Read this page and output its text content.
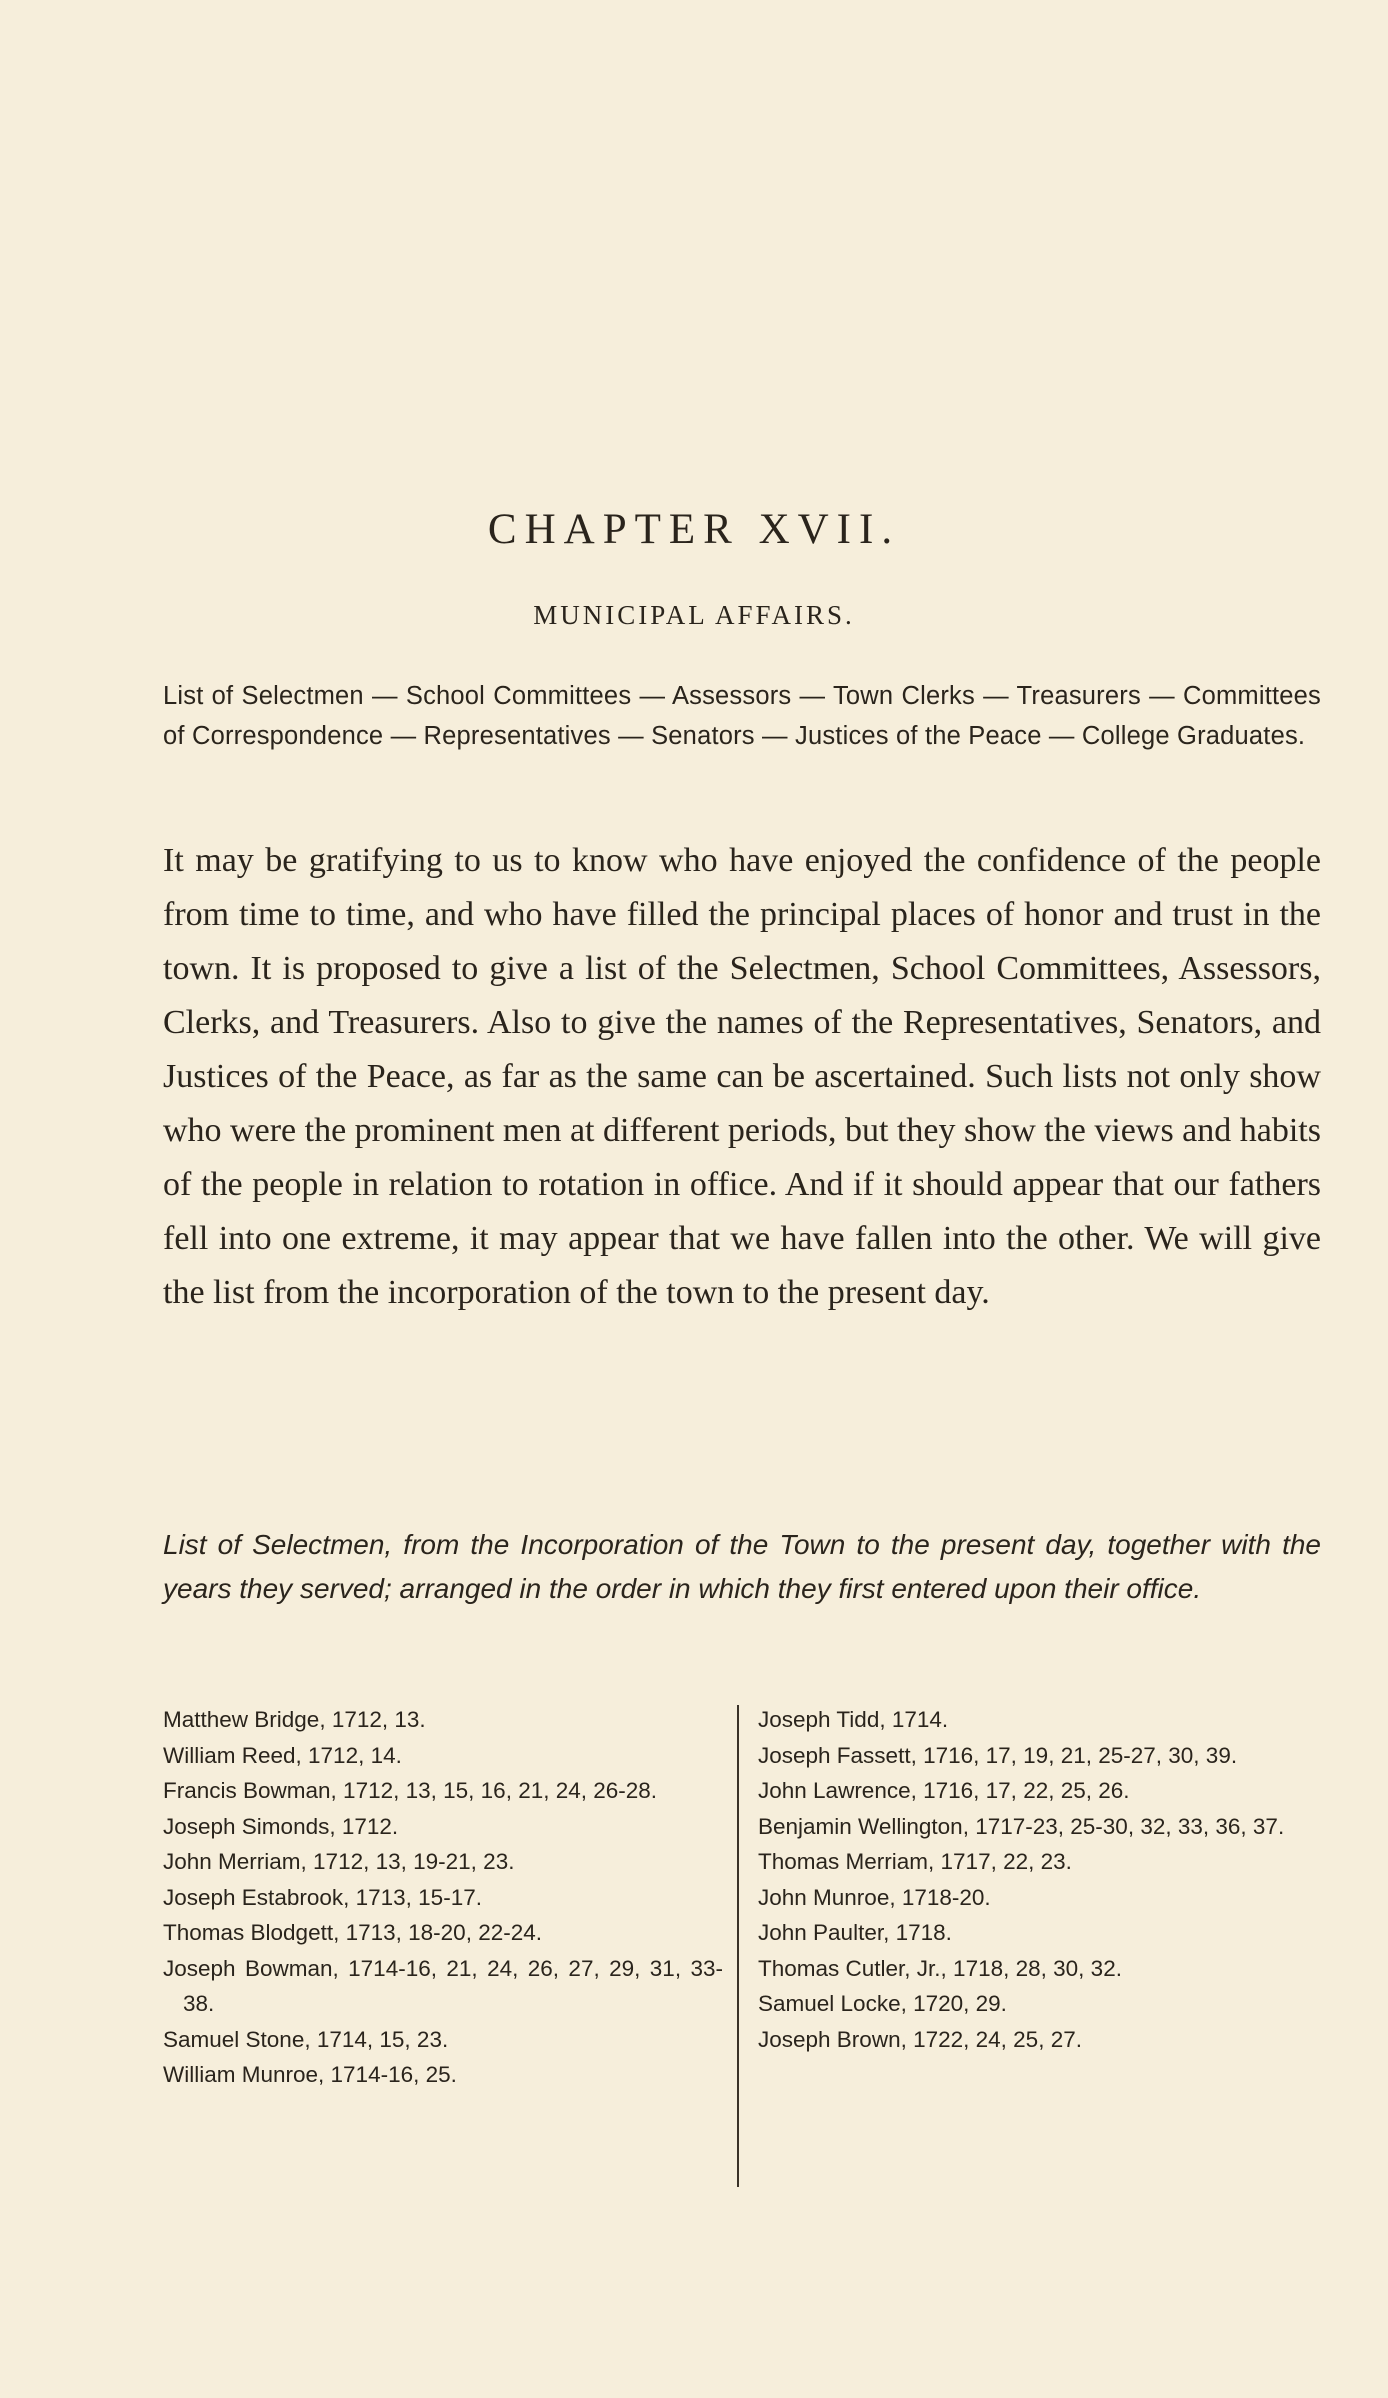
CHAPTER XVII.
MUNICIPAL AFFAIRS.
List of Selectmen — School Committees — Assessors — Town Clerks — Treasurers — Committees of Correspondence — Representatives — Senators — Justices of the Peace — College Graduates.
It may be gratifying to us to know who have enjoyed the confidence of the people from time to time, and who have filled the principal places of honor and trust in the town. It is proposed to give a list of the Selectmen, School Committees, Assessors, Clerks, and Treasurers. Also to give the names of the Representatives, Senators, and Justices of the Peace, as far as the same can be ascertained. Such lists not only show who were the prominent men at different periods, but they show the views and habits of the people in relation to rotation in office. And if it should appear that our fathers fell into one extreme, it may appear that we have fallen into the other. We will give the list from the incorporation of the town to the present day.
List of Selectmen, from the Incorporation of the Town to the present day, together with the years they served; arranged in the order in which they first entered upon their office.
Matthew Bridge, 1712, 13.
William Reed, 1712, 14.
Francis Bowman, 1712, 13, 15, 16, 21, 24, 26-28.
Joseph Simonds, 1712.
John Merriam, 1712, 13, 19-21, 23.
Joseph Estabrook, 1713, 15-17.
Thomas Blodgett, 1713, 18-20, 22-24.
Joseph Bowman, 1714-16, 21, 24, 26, 27, 29, 31, 33-38.
Samuel Stone, 1714, 15, 23.
William Munroe, 1714-16, 25.
Joseph Tidd, 1714.
Joseph Fassett, 1716, 17, 19, 21, 25-27, 30, 39.
John Lawrence, 1716, 17, 22, 25, 26.
Benjamin Wellington, 1717-23, 25-30, 32, 33, 36, 37.
Thomas Merriam, 1717, 22, 23.
John Munroe, 1718-20.
John Paulter, 1718.
Thomas Cutler, Jr., 1718, 28, 30, 32.
Samuel Locke, 1720, 29.
Joseph Brown, 1722, 24, 25, 27.
